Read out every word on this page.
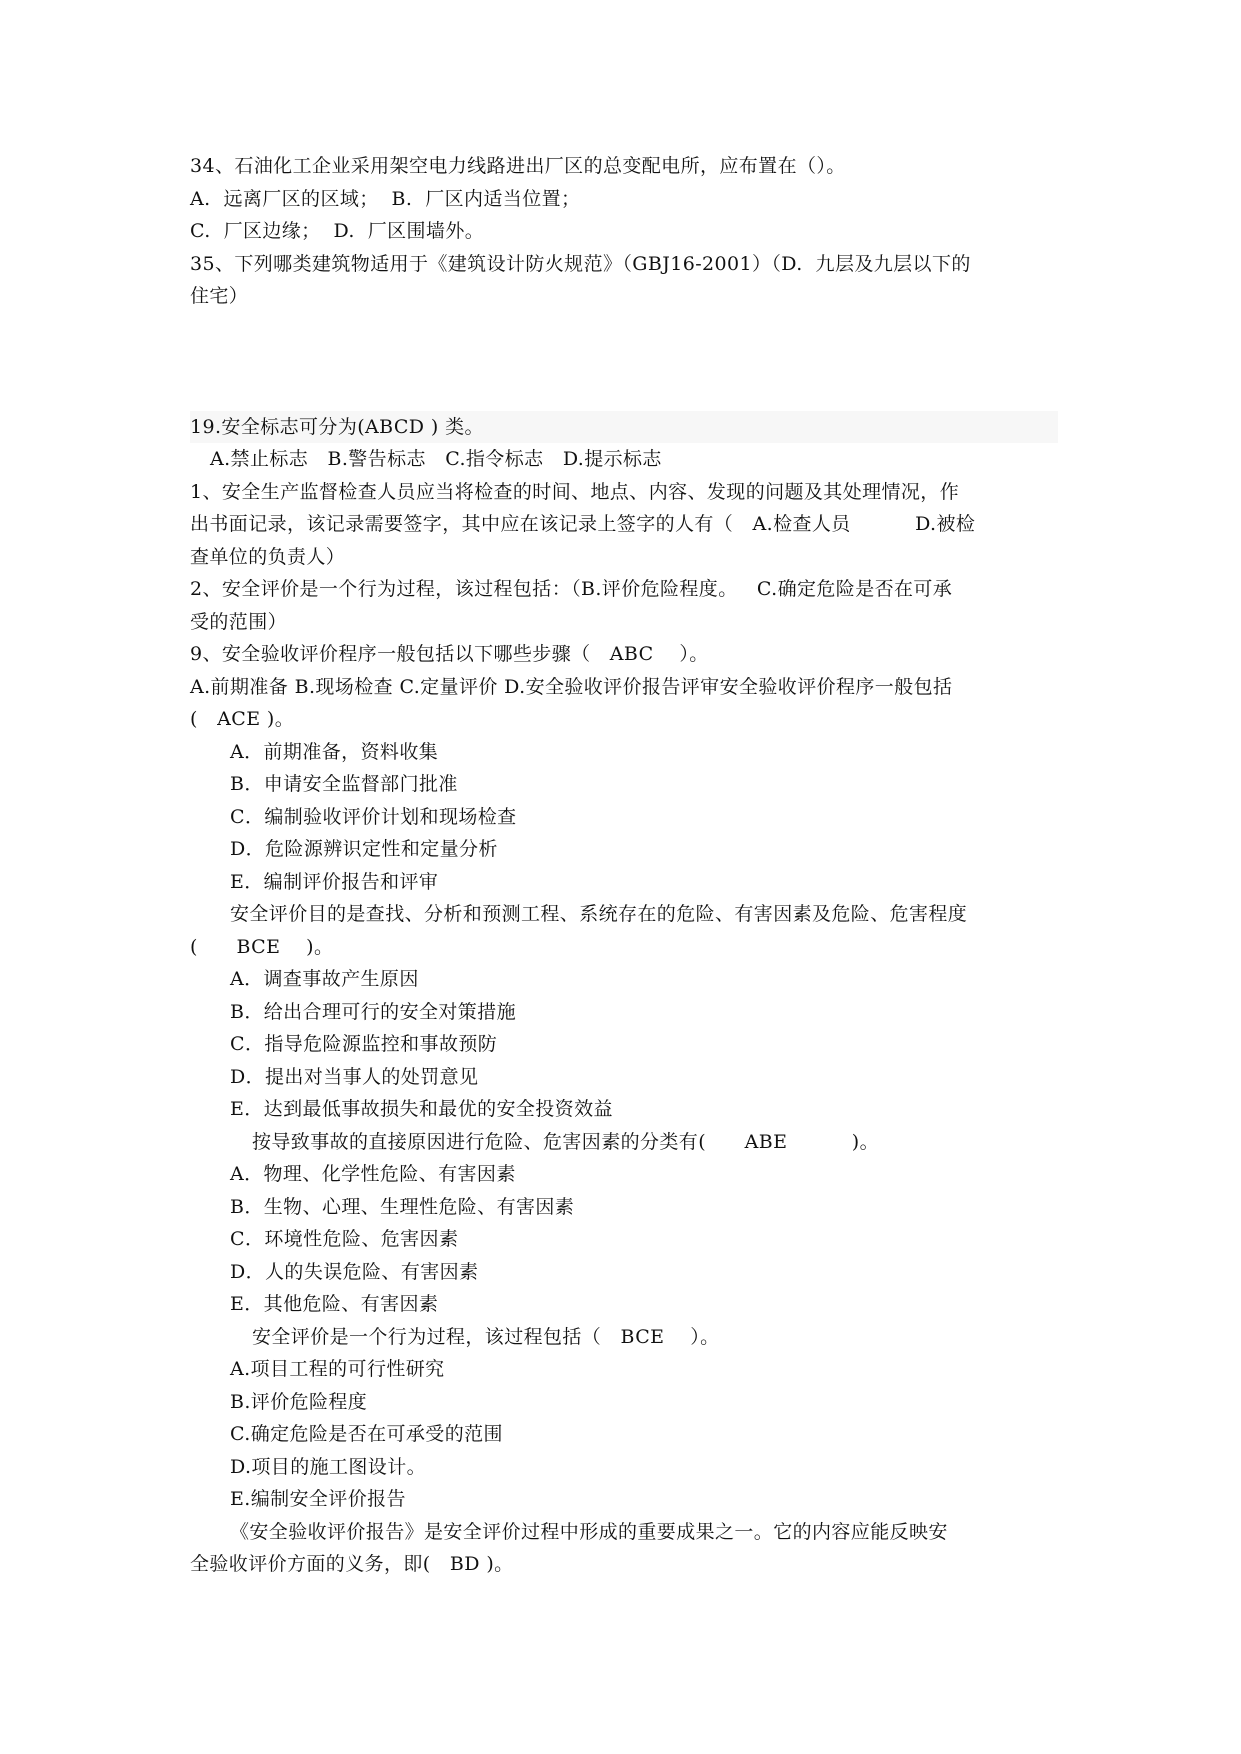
34、石油化工企业采用架空电力线路进出厂区的总变配电所，应布置在（）。
A.  远离厂区的区域；  B.  厂区内适当位置；
C.  厂区边缘；  D.  厂区围墙外。
35、下列哪类建筑物适用于《建筑设计防火规范》（GBJ16-2001）（D.  九层及九层以下的
住宅）
19.安全标志可分为(ABCD ) 类。
A.禁止标志   B.警告标志   C.指令标志   D.提示标志
1、安全生产监督检查人员应当将检查的时间、地点、内容、发现的问题及其处理情况，作
出书面记录，该记录需要签字，其中应在该记录上签字的人有（   A.检查人员          D.被检
查单位的负责人）
2、安全评价是一个行为过程，该过程包括：（B.评价危险程度。   C.确定危险是否在可承
受的范围）
9、安全验收评价程序一般包括以下哪些步骤（   ABC    ）。
A.前期准备 B.现场检查 C.定量评价 D.安全验收评价报告评审安全验收评价程序一般包括
(   ACE )。
A．前期准备，资料收集
B．申请安全监督部门批准
C．编制验收评价计划和现场检查
D．危险源辨识定性和定量分析
E．编制评价报告和评审
安全评价目的是查找、分析和预测工程、系统存在的危险、有害因素及危险、危害程度
(      BCE    )。
A．调查事故产生原因
B．给出合理可行的安全对策措施
C．指导危险源监控和事故预防
D．提出对当事人的处罚意见
E．达到最低事故损失和最优的安全投资效益
按导致事故的直接原因进行危险、危害因素的分类有(      ABE          )。
A．物理、化学性危险、有害因素
B．生物、心理、生理性危险、有害因素
C．环境性危险、危害因素
D．人的失误危险、有害因素
E．其他危险、有害因素
安全评价是一个行为过程，该过程包括（   BCE    ）。
A.项目工程的可行性研究
B.评价危险程度
C.确定危险是否在可承受的范围
D.项目的施工图设计。
E.编制安全评价报告
《安全验收评价报告》是安全评价过程中形成的重要成果之一。它的内容应能反映安
全验收评价方面的义务，即(   BD )。
